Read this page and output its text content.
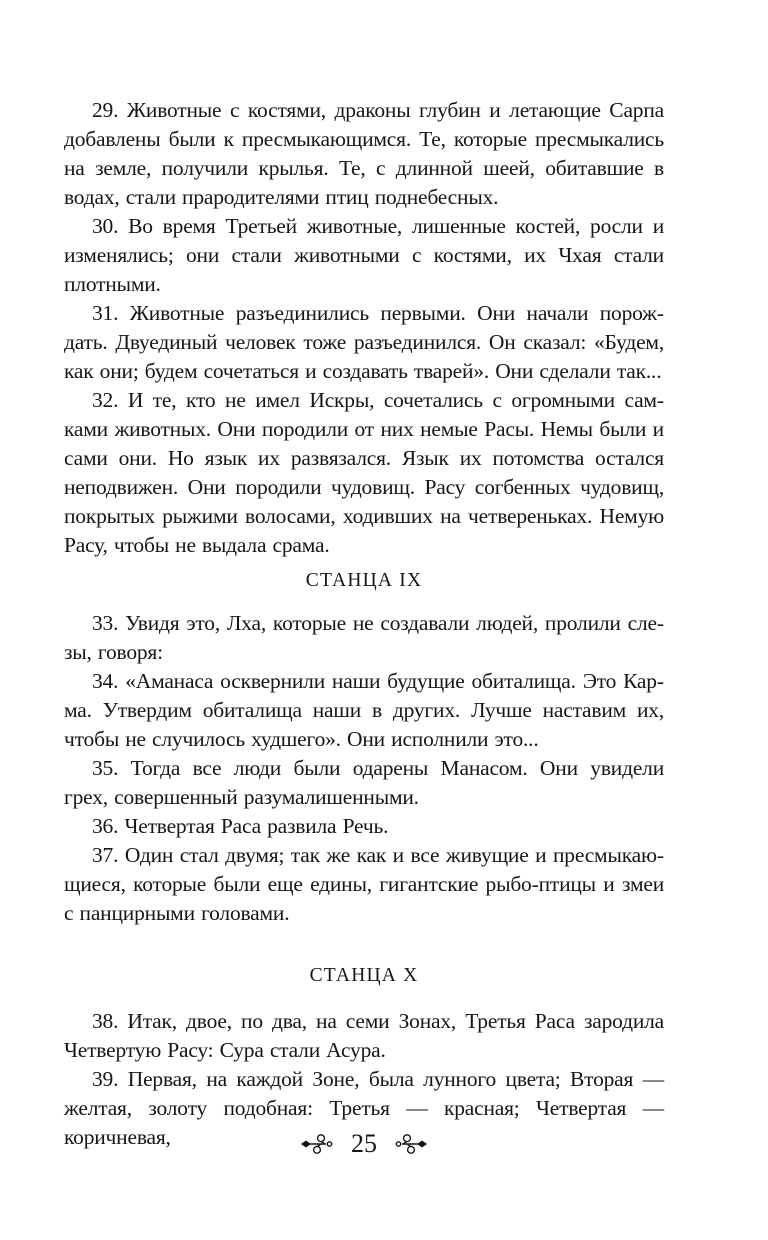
29. Животные с костями, драконы глубин и летающие Сарпа добавлены были к пресмыкающимся. Те, которые пресмыкались на земле, получили крылья. Те, с длинной шеей, обитавшие в водах, стали прародителями птиц поднебесных.

30. Во время Третьей животные, лишенные костей, росли и изменялись; они стали животными с костями, их Чхая стали плотными.

31. Животные разъединились первыми. Они начали порождать. Двуединый человек тоже разъединился. Он сказал: «Будем, как они; будем сочетаться и создавать тварей». Они сделали так...

32. И те, кто не имел Искры, сочетались с огромными самками животных. Они породили от них немые Расы. Немы были и сами они. Но язык их развязался. Язык их потомства остался неподвижен. Они породили чудовищ. Расу согбенных чудовищ, покрытых рыжими волосами, ходивших на четвереньках. Немую Расу, чтобы не выдала срама.

СТАНЦА IX

33. Увидя это, Лха, которые не создавали людей, пролили слезы, говоря:

34. «Аманаса осквернили наши будущие обиталища. Это Карма. Утвердим обиталища наши в других. Лучше наставим их, чтобы не случилось худшего». Они исполнили это...

35. Тогда все люди были одарены Манасом. Они увидели грех, совершенный разумалишенными.

36. Четвертая Раса развила Речь.

37. Один стал двумя; так же как и все живущие и пресмыкающиеся, которые были еще едины, гигантские рыбо-птицы и змеи с панцирными головами.

СТАНЦА X

38. Итак, двое, по два, на семи Зонах, Третья Раса зародила Четвертую Расу: Сура стали Асура.

39. Первая, на каждой Зоне, была лунного цвета; Вторая — желтая, золоту подобная: Третья — красная; Четвертая — коричневая,	25
